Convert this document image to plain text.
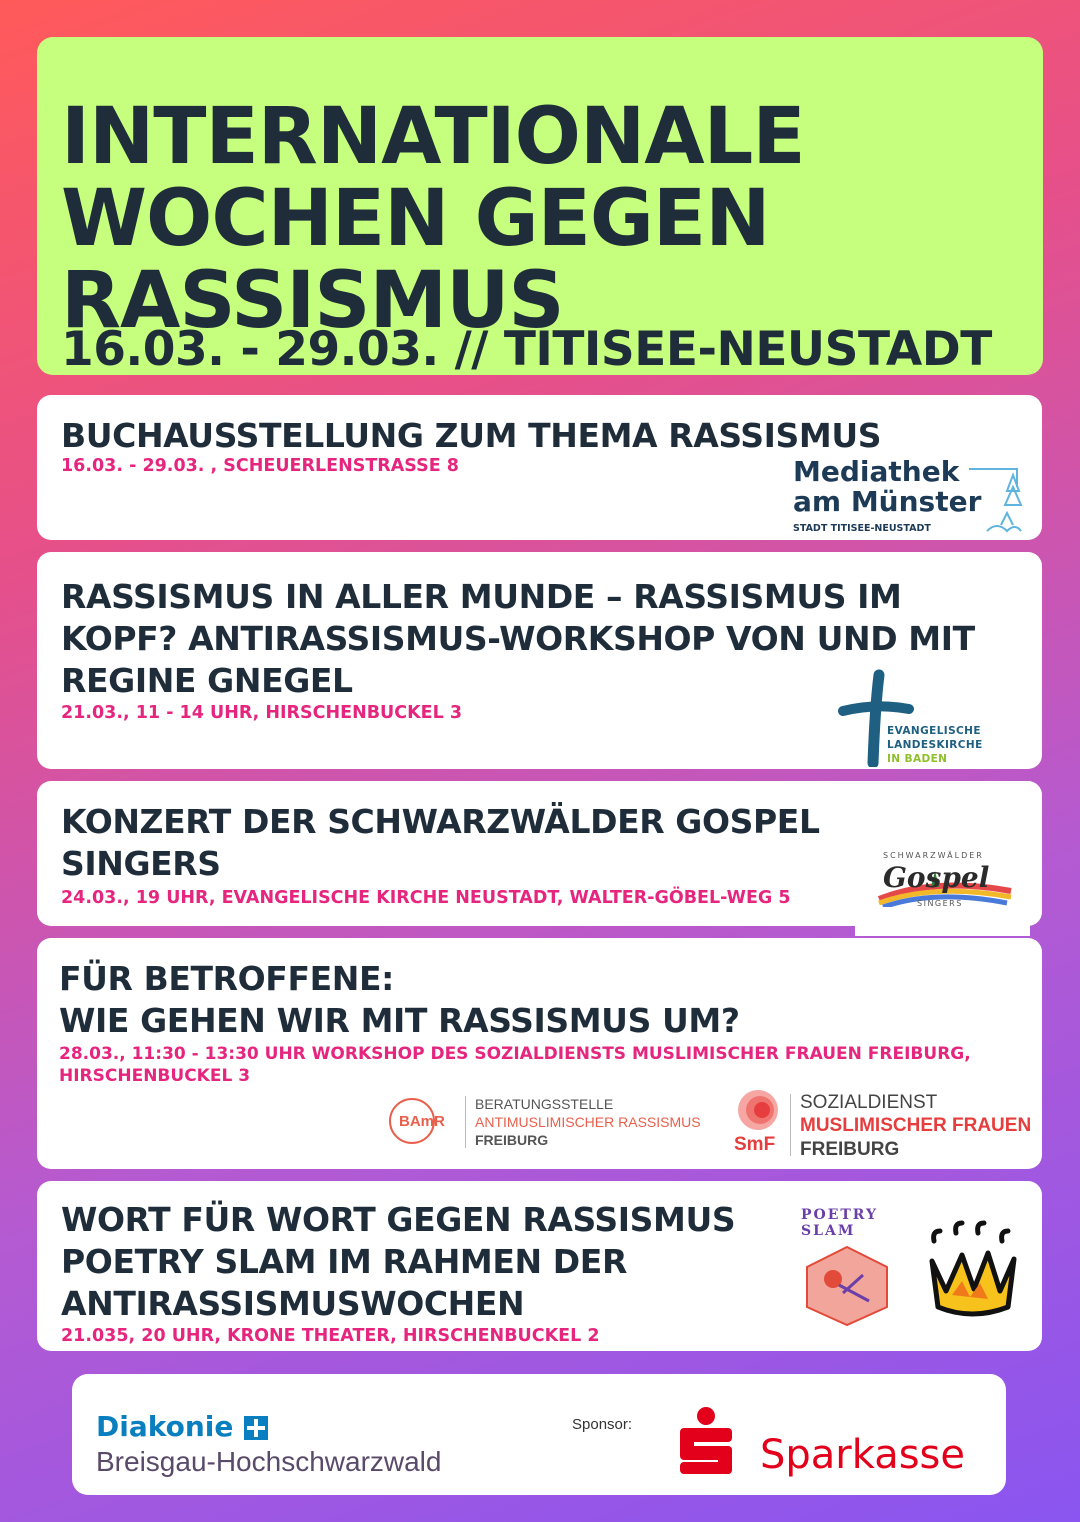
INTERNATIONALE
WOCHEN GEGEN
RASSISMUS
16.03. - 29.03. // TITISEE-NEUSTADT
BUCHAUSSTELLUNG ZUM THEMA RASSISMUS
16.03. - 29.03. , SCHEUERLENSTRASSE 8	Mediathek
am Münster
STADT TITISEE-NEUSTADT
RASSISMUS IN ALLER MUNDE – RASSISMUS IM
KOPF? ANTIRASSISMUS-WORKSHOP VON UND MIT
REGINE GNEGEL
21.03., 11 - 14 UHR, HIRSCHENBUCKEL 3
EVANGELISCHE
LANDESKIRCHE
IN BADEN
KONZERT DER SCHWARZWÄLDER GOSPEL
SINGERS
24.03., 19 UHR, EVANGELISCHE KIRCHE NEUSTADT, WALTER-GÖBEL-WEG 5
SCHWARZWÄLDER
Gospel
SINGERS
FÜR BETROFFENE:
WIE GEHEN WIR MIT RASSISMUS UM?
28.03., 11:30 - 13:30 UHR WORKSHOP DES SOZIALDIENSTS MUSLIMISCHER FRAUEN FREIBURG,
HIRSCHENBUCKEL 3
BAmR
BERATUNGSSTELLE
ANTIMUSLIMISCHER RASSISMUS
FREIBURG	SmF
SOZIALDIENST
MUSLIMISCHER FRAUEN
FREIBURG
WORT FÜR WORT GEGEN RASSISMUS
POETRY SLAM IM RAHMEN DER
ANTIRASSISMUSWOCHEN
21.035, 20 UHR, KRONE THEATER, HIRSCHENBUCKEL 2
POETRY
SLAM
Diakonie
Breisgau-Hochschwarzwald
Sponsor:
Sparkasse
